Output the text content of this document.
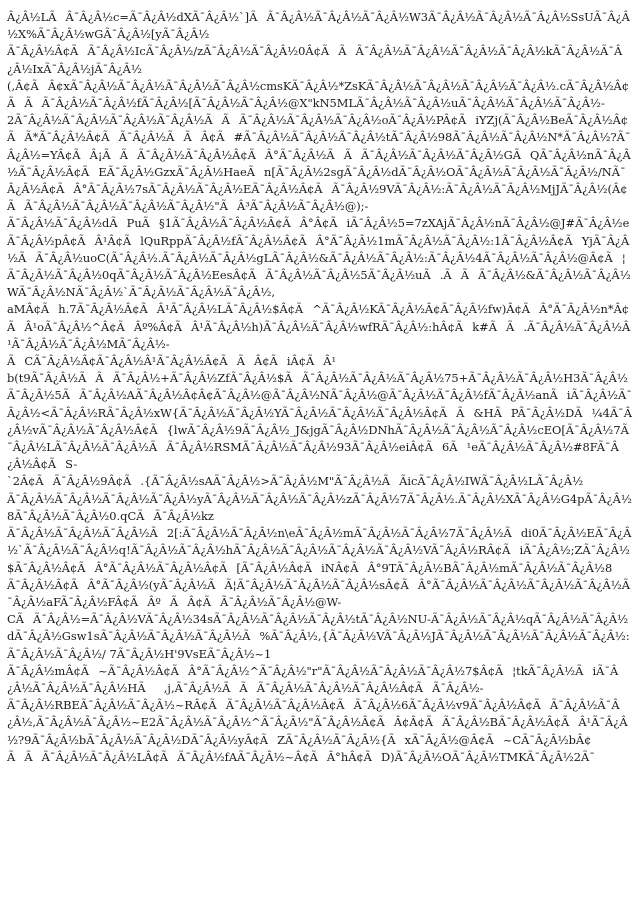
Â¿Â½LÃÂ¯Â¿Â½c=Ã¯Â¿Â½dXÃ¯Â¿Â½`]ÃÃ¯Â¿Â½Ã¯Â¿Â½Ã¯Â¿Â½W3Ã¯Â¿Â½Ã¯Â¿Â½Ã¯Â¿Â½SsUÃ¯Â¿Â½X%Ã¯Â¿Â½wGÃ¯Â¿Â½[yÃ¯Â¿Â½
Ã¯Â¿Â½Â¢ÃÃ¯Â¿Â½IcÃ¯Â¿Â½/zÃ¯Â¿Â½Ã¯Â¿Â½0Â¢ÃÃÃ¯Â¿Â½Ã¯Â¿Â½Ã¯Â¿Â½Ã¯Â¿Â½kÃ¯Â¿Â½Ã¯Â¿Â½IxÃ¯Â¿Â½jÃ¯Â¿Â½
(,Â¢ÃÂ¢xÃ¯Â¿Â½Ã¯Â¿Â½Ã¯Â¿Â½Ã¯Â¿Â½cmsKÃ¯Â¿Â½*ZsKÃ¯Â¿Â½Ã¯Â¿Â½Ã¯Â¿Â½Ã¯Â¿Â½.cÃ¯Â¿Â½Â¢ÃÃÃ¯Â¿Â½Ã¯Â¿Â½fÃ¯Â¿Â½[Ã¯Â¿Â½Ã¯Â¿Â½@X"kN5MLÃ¯Â¿Â½Ã¯Â¿Â½uÃ¯Â¿Â½Ã¯Â¿Â½Ã¯Â¿Â½-
2Ã¯Â¿Â½Ã¯Â¿Â½Ã¯Â¿Â½Ã¯Â¿Â½ÃÃÃ¯Â¿Â½Ã¯Â¿Â½Ã¯Â¿Â½oÃ¯Â¿Â½PÂ¢ÃiYZj(Ã¯Â¿Â½BeÃ¯Â¿Â½Â¢ÃÃ*Ã¯Â¿Â½Â¢ÃÃ¯Â¿Â½ÃÃÂ¢Ã#Ã¯Â¿Â½Ã¯Â¿Â½Ã¯Â¿Â½tÃ¯Â¿Â½98Ã¯Â¿Â½Ã¯Â¿Â½N*Ã¯Â¿Â½?Ã¯Â¿Â½=YÂ¢ÃÂ¡ÃÃÃ¯Â¿Â½Ã¯Â¿Â½Â¢ÃÂ°Ã¯Â¿Â½ÃÃÃ¯Â¿Â½Ã¯Â¿Â½Ã¯Â¿Â½GÃQÃ¯Â¿Â½nÃ¯Â¿Â½Ã¯Â¿Â½Â¢ÃEÃ¯Â¿Â½GzxÃ¯Â¿Â½HaeÃn[Ã¯Â¿Â½2sgÃ¯Â¿Â½dÃ¯Â¿Â½OÃ¯Â¿Â½Ã¯Â¿Â½Ã¯Â¿Â½/NÃ¯Â¿Â½Â¢ÃÂ°Ã¯Â¿Â½7sÃ¯Â¿Â½Ã¯Â¿Â½EÃ¯Â¿Â½Â¢ÃÃ¯Â¿Â½9VÃ¯Â¿Â½:Ã¯Â¿Â½Ã¯Â¿Â½MjJÃ¯Â¿Â½(Â¢ÃÃ¯Â¿Â½Ã¯Â¿Â½Ã¯Â¿Â½Ã¯Â¿Â½"ÃÂ³Ã¯Â¿Â½Ã¯Â¿Â½@);-
Ã¯Â¿Â½Ã¯Â¿Â½dÃPuÃ§1Ã¯Â¿Â½Ã¯Â¿Â½Â¢ÃÂ°Â¢ÃiÃ¯Â¿Â½5=7zXAjÃ¯Â¿Â½nÃ¯Â¿Â½@J#Ã¯Â¿Â½eÃ¯Â¿Â½pÂ¢ÃÂ¹Â¢ÃlQuRppÃ¯Â¿Â½fÃ¯Â¿Â½Â¢ÃÂ°Ã¯Â¿Â½1mÃ¯Â¿Â½Ã¯Â¿Â½:1Ã¯Â¿Â½Â¢ÃYjÃ¯Â¿Â½ÃÃ¯Â¿Â½uoC(Ã¯Â¿Â½.Ã¯Â¿Â½Ã¯Â¿Â½gLÃ¯Â¿Â½&Ã¯Â¿Â½Ã¯Â¿Â½:Ã¯Â¿Â½4Ã¯Â¿Â½Ã¯Â¿Â½@Â¢Ã¦Ã¯Â¿Â½Ã¯Â¿Â½0qÃ¯Â¿Â½Ã¯Â¿Â½EesÂ¢ÃÃ¯Â¿Â½Ã¯Â¿Â½5Ã¯Â¿Â½uÃ.ÃÃÃ¯Â¿Â½&Ã¯Â¿Â½Ã¯Â¿Â½WÃ¯Â¿Â½NÃ¯Â¿Â½`Ã¯Â¿Â½Ã¯Â¿Â½Ã¯Â¿Â½,
aMÂ¢Ãh.7Ã¯Â¿Â½Â¢ÃÂ¹Ã¯Â¿Â½LÃ¯Â¿Â½$Â¢Ã^Ã¯Â¿Â½KÃ¯Â¿Â½Â¢Ã¯Â¿Â½fw)Â¢ÃÂ°Ã¯Â¿Â½n*Â¢ÃÂ¹oÃ¯Â¿Â½^Â¢ÃÂº%Â¢ÃÂ¹Ã¯Â¿Â½h)Ã¯Â¿Â½Ã¯Â¿Â½wfRÃ¯Â¿Â½:hÂ¢Ãk#ÃÃ.Ã¯Â¿Â½Ã¯Â¿Â½Â¹Ã¯Â¿Â½Ã¯Â¿Â½MÃ¯Â¿Â½-
ÃCÃ¯Â¿Â½Â¢Ã¯Â¿Â½Â¹Ã¯Â¿Â½Â¢ÃÃÂ¢ÃiÂ¢ÃÂ¹
b(t9Ã¯Â¿Â½ÃÃÃ¯Â¿Â½+Ã¯Â¿Â½ZfÃ¯Â¿Â½$ÃÃ¯Â¿Â½Ã¯Â¿Â½Ã¯Â¿Â½75+Ã¯Â¿Â½Ã¯Â¿Â½H3Ã¯Â¿Â½Ã¯Â¿Â½5ÃÃ¯Â¿Â½AÃ¯Â¿Â½Â¢Â¢Ã¯Â¿Â½@Ã¯Â¿Â½NÃ¯Â¿Â½@Ã¯Â¿Â½Ã¯Â¿Â½fÃ¯Â¿Â½anÃiÃ¯Â¿Â½Ã¯Â¿Â½<Ã¯Â¿Â½RÃ¯Â¿Â½xW{Ã¯Â¿Â½Ã¯Â¿Â½YÃ¯Â¿Â½Ã¯Â¿Â½Ã¯Â¿Â½Â¢ÃÃ&HÃPÃ¯Â¿Â½DÃ¼4Ã¯Â¿Â½vÃ¯Â¿Â½Ã¯Â¿Â½Â¢Ã{lwÃ¯Â¿Â½9Ã¯Â¿Â½_J&jgÃ¯Â¿Â½DNhÃ¯Â¿Â½Ã¯Â¿Â½Ã¯Â¿Â½cEO[Ã¯Â¿Â½7Ã¯Â¿Â½LÃ¯Â¿Â½Ã¯Â¿Â½ÃÃ¯Â¿Â½RSMÃ¯Â¿Â½Ã¯Â¿Â½93Ã¯Â¿Â½eiÂ¢Ã6Ã¹eÃ¯Â¿Â½Ã¯Â¿Â½#8FÃ¯Â¿Â½Â¢ÃS-
`2Â¢ÃÃ¯Â¿Â½9Â¢Ã.{Ã¯Â¿Â½sAÃ¯Â¿Â½>Ã¯Â¿Â½M"Ã¯Â¿Â½ÃÃicÃ¯Â¿Â½IWÃ¯Â¿Â½LÃ¯Â¿Â½
Ã¯Â¿Â½Ã¯Â¿Â½Ã¯Â¿Â½Ã¯Â¿Â½yÃ¯Â¿Â½Ã¯Â¿Â½Ã¯Â¿Â½zÃ¯Â¿Â½7Ã¯Â¿Â½.Ã¯Â¿Â½XÃ¯Â¿Â½G4pÃ¯Â¿Â½8Ã¯Â¿Â½Ã¯Â¿Â½0.qCÃÃ¯Â¿Â½kz
Ã¯Â¿Â½Ã¯Â¿Â½Ã¯Â¿Â½Ã2[:Ã¯Â¿Â½Ã¯Â¿Â½n\eÃ¯Â¿Â½mÃ¯Â¿Â½Ã¯Â¿Â½7Ã¯Â¿Â½Ãdi0Ã¯Â¿Â½EÃ¯Â¿Â½`Ã¯Â¿Â½Ã¯Â¿Â½q!Ã¯Â¿Â½Ã¯Â¿Â½hÃ¯Â¿Â½Ã¯Â¿Â½Ã¯Â¿Â½Ã¯Â¿Â½VÃ¯Â¿Â½RÂ¢ÃiÃ¯Â¿Â½;ZÃ¯Â¿Â½$Ã¯Â¿Â½Â¢ÃÂ°Ã¯Â¿Â½Ã¯Â¿Â½Â¢Ã[Ã¯Â¿Â½Â¢ÃiNÂ¢ÃÂ°9TÃ¯Â¿Â½BÃ¯Â¿Â½mÃ¯Â¿Â½Ã¯Â¿Â½8
Ã¯Â¿Â½Â¢ÃÂ°Ã¯Â¿Â½(yÃ¯Â¿Â½ÃÃ¦Ã¯Â¿Â½Ã¯Â¿Â½Ã¯Â¿Â½sÂ¢ÃÂ°Ã¯Â¿Â½Ã¯Â¿Â½Ã¯Â¿Â½Ã¯Â¿Â½Ã¯Â¿Â½aFÃ¯Â¿Â½FÂ¢ÃÂºÃÂ¢ÃÃ¯Â¿Â½Ã¯Â¿Â½@W-
CÃÃ¯Â¿Â½=Ã¯Â¿Â½VÃ¯Â¿Â½34sÃ¯Â¿Â½Ã¯Â¿Â½Ã¯Â¿Â½tÃ¯Â¿Â½NU-Ã¯Â¿Â½Ã¯Â¿Â½qÃ¯Â¿Â½Ã¯Â¿Â½dÃ¯Â¿Â½Gsw1sÃ¯Â¿Â½Ã¯Â¿Â½Ã¯Â¿Â½Ã%Ã¯Â¿Â½,{Ã¯Â¿Â½VÃ¯Â¿Â½JÃ¯Â¿Â½Ã¯Â¿Â½Ã¯Â¿Â½Ã¯Â¿Â½:Ã¯Â¿Â½Ã¯Â¿Â½/ 7Ã¯Â¿Â½H'9VsEÃ¯Â¿Â½~1
Ã¯Â¿Â½mÂ¢Ã~Ã¯Â¿Â½Â¢ÃÂ°Ã¯Â¿Â½^Ã¯Â¿Â½"r"Ã¯Â¿Â½Ã¯Â¿Â½Ã¯Â¿Â½7$Â¢Ã¦tkÃ¯Â¿Â½ÃiÃ¯Â¿Â½Ã¯Â¿Â½Ã¯Â¿Â½HÃ,j,Ã¯Â¿Â½ÃÃÃ¯Â¿Â½Ã¯Â¿Â½Ã¯Â¿Â½Â¢ÃÃ¯Â¿Â½-
Ã¯Â¿Â½RBEÃ¯Â¿Â½Ã¯Â¿Â½~RÂ¢ÃÃ¯Â¿Â½Ã¯Â¿Â½Â¢ÃÃ¯Â¿Â½6Ã¯Â¿Â½v9Ã¯Â¿Â½Â¢ÃÃ¯Â¿Â½Ã¯Â¿Â½,Ã¯Â¿Â½Ã¯Â¿Â½~E2Ã¯Â¿Â½Ã¯Â¿Â½^Ã¯Â¿Â½"Ã¯Â¿Â½Â¢ÃÂ¢Â¢ÃÃ¯Â¿Â½BÃ¯Â¿Â½Â¢ÃÂ¹Ã¯Â¿Â½?9Ã¯Â¿Â½bÃ¯Â¿Â½Ã¯Â¿Â½DÃ¯Â¿Â½yÂ¢ÃZÃ¯Â¿Â½Ã¯Â¿Â½{ÃxÃ¯Â¿Â½@Â¢Ã~CÃ¯Â¿Â½bÂ¢ÃÃÃ¯Â¿Â½Ã¯Â¿Â½LÂ¢ÃÃ¯Â¿Â½fAÃ¯Â¿Â½~Â¢ÃÂ°hÂ¢ÃD)Ã¯Â¿Â½OÃ¯Â¿Â½TMKÃ¯Â¿Â½2Ã¯
